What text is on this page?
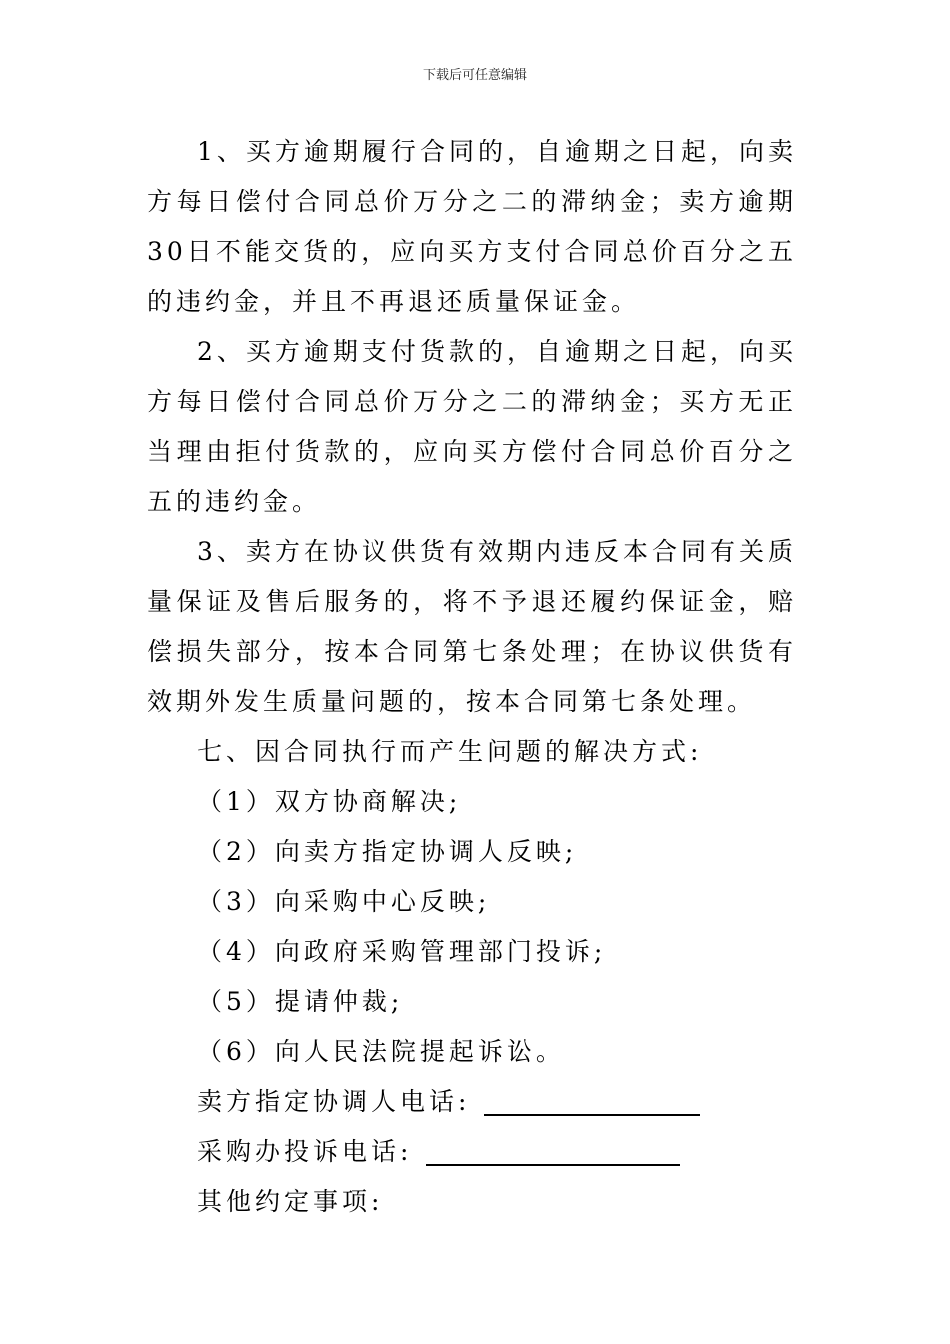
下载后可任意编辑

1、买方逾期履行合同的，自逾期之日起，向卖方每日偿付合同总价万分之二的滞纳金；卖方逾期30日不能交货的，应向买方支付合同总价百分之五的违约金，并且不再退还质量保证金。

2、买方逾期支付货款的，自逾期之日起，向买方每日偿付合同总价万分之二的滞纳金；买方无正当理由拒付货款的，应向买方偿付合同总价百分之五的违约金。

3、卖方在协议供货有效期内违反本合同有关质量保证及售后服务的，将不予退还履约保证金，赔偿损失部分，按本合同第七条处理；在协议供货有效期外发生质量问题的，按本合同第七条处理。

七、因合同执行而产生问题的解决方式:

（1）双方协商解决;

（2）向卖方指定协调人反映;

（3）向采购中心反映;

（4）向政府采购管理部门投诉;

（5）提请仲裁;

（6）向人民法院提起诉讼。

卖方指定协调人电话:

采购办投诉电话:

其他约定事项:
